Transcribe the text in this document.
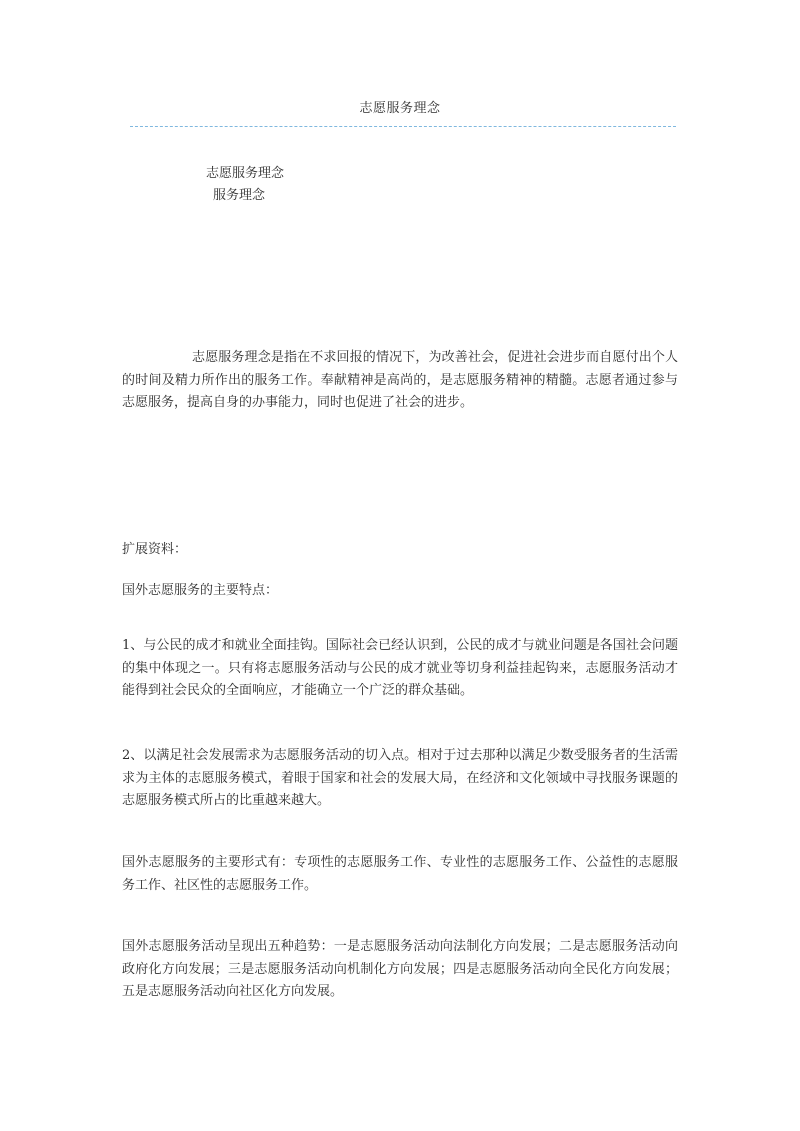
志愿服务理念
志愿服务理念
服务理念

志愿服务理念是指在不求回报的情况下，为改善社会，促进社会进步而自愿付出个人的时间及精力所作出的服务工作。奉献精神是高尚的，是志愿服务精神的精髓。志愿者通过参与志愿服务，提高自身的办事能力，同时也促进了社会的进步。

扩展资料：
国外志愿服务的主要特点：

1、与公民的成才和就业全面挂钩。国际社会已经认识到，公民的成才与就业问题是各国社会问题的集中体现之一。只有将志愿服务活动与公民的成才就业等切身利益挂起钩来，志愿服务活动才能得到社会民众的全面响应，才能确立一个广泛的群众基础。

2、以满足社会发展需求为志愿服务活动的切入点。相对于过去那种以满足少数受服务者的生活需求为主体的志愿服务模式，着眼于国家和社会的发展大局，在经济和文化领域中寻找服务课题的志愿服务模式所占的比重越来越大。

国外志愿服务的主要形式有：专项性的志愿服务工作、专业性的志愿服务工作、公益性的志愿服务工作、社区性的志愿服务工作。

国外志愿服务活动呈现出五种趋势：一是志愿服务活动向法制化方向发展；二是志愿服务活动向政府化方向发展；三是志愿服务活动向机制化方向发展；四是志愿服务活动向全民化方向发展；五是志愿服务活动向社区化方向发展。
